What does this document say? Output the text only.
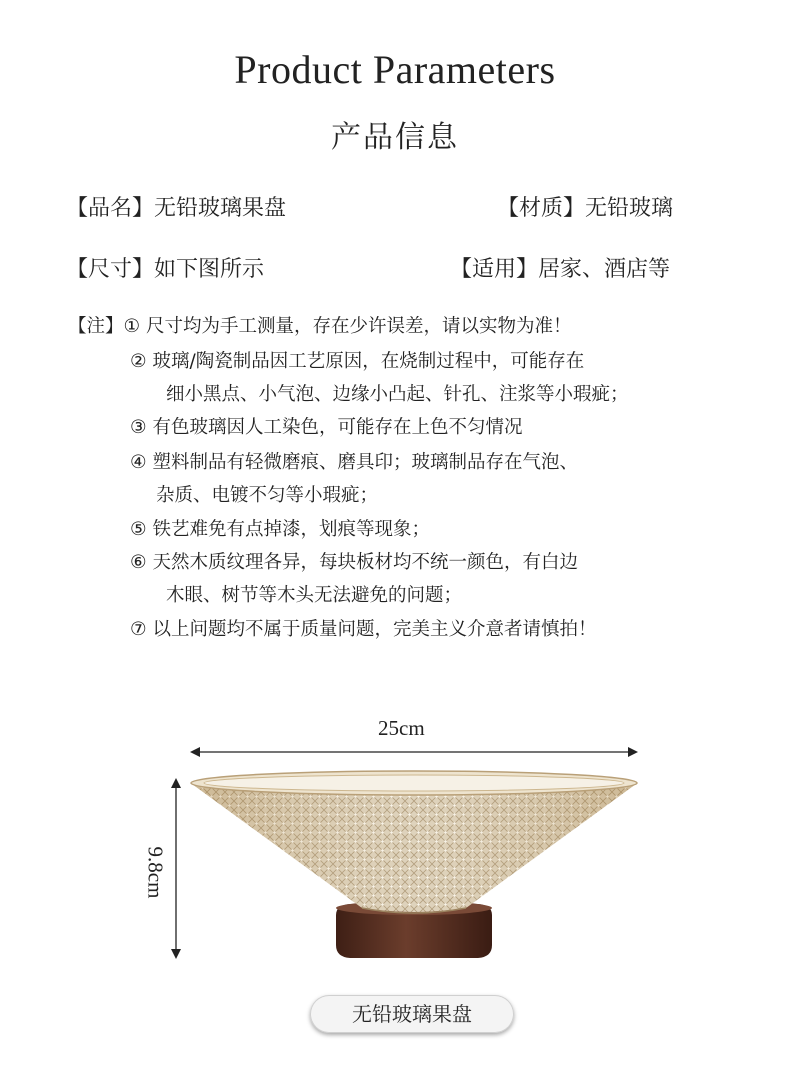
Product Parameters
产品信息
【品名】无铅玻璃果盘	【材质】无铅玻璃
【尺寸】如下图所示	【适用】居家、酒店等
【注】① 尺寸均为手工测量，存在少许误差，请以实物为准！
② 玻璃/陶瓷制品因工艺原因，在烧制过程中，可能存在
细小黑点、小气泡、边缘小凸起、针孔、注浆等小瑕疵；
③ 有色玻璃因人工染色，可能存在上色不匀情况
④ 塑料制品有轻微磨痕、磨具印；玻璃制品存在气泡、
杂质、电镀不匀等小瑕疵；
⑤ 铁艺难免有点掉漆，划痕等现象；
⑥ 天然木质纹理各异，每块板材均不统一颜色，有白边
木眼、树节等木头无法避免的问题；
⑦ 以上问题均不属于质量问题，完美主义介意者请慎拍！
25cm
9.8cm
无铅玻璃果盘
